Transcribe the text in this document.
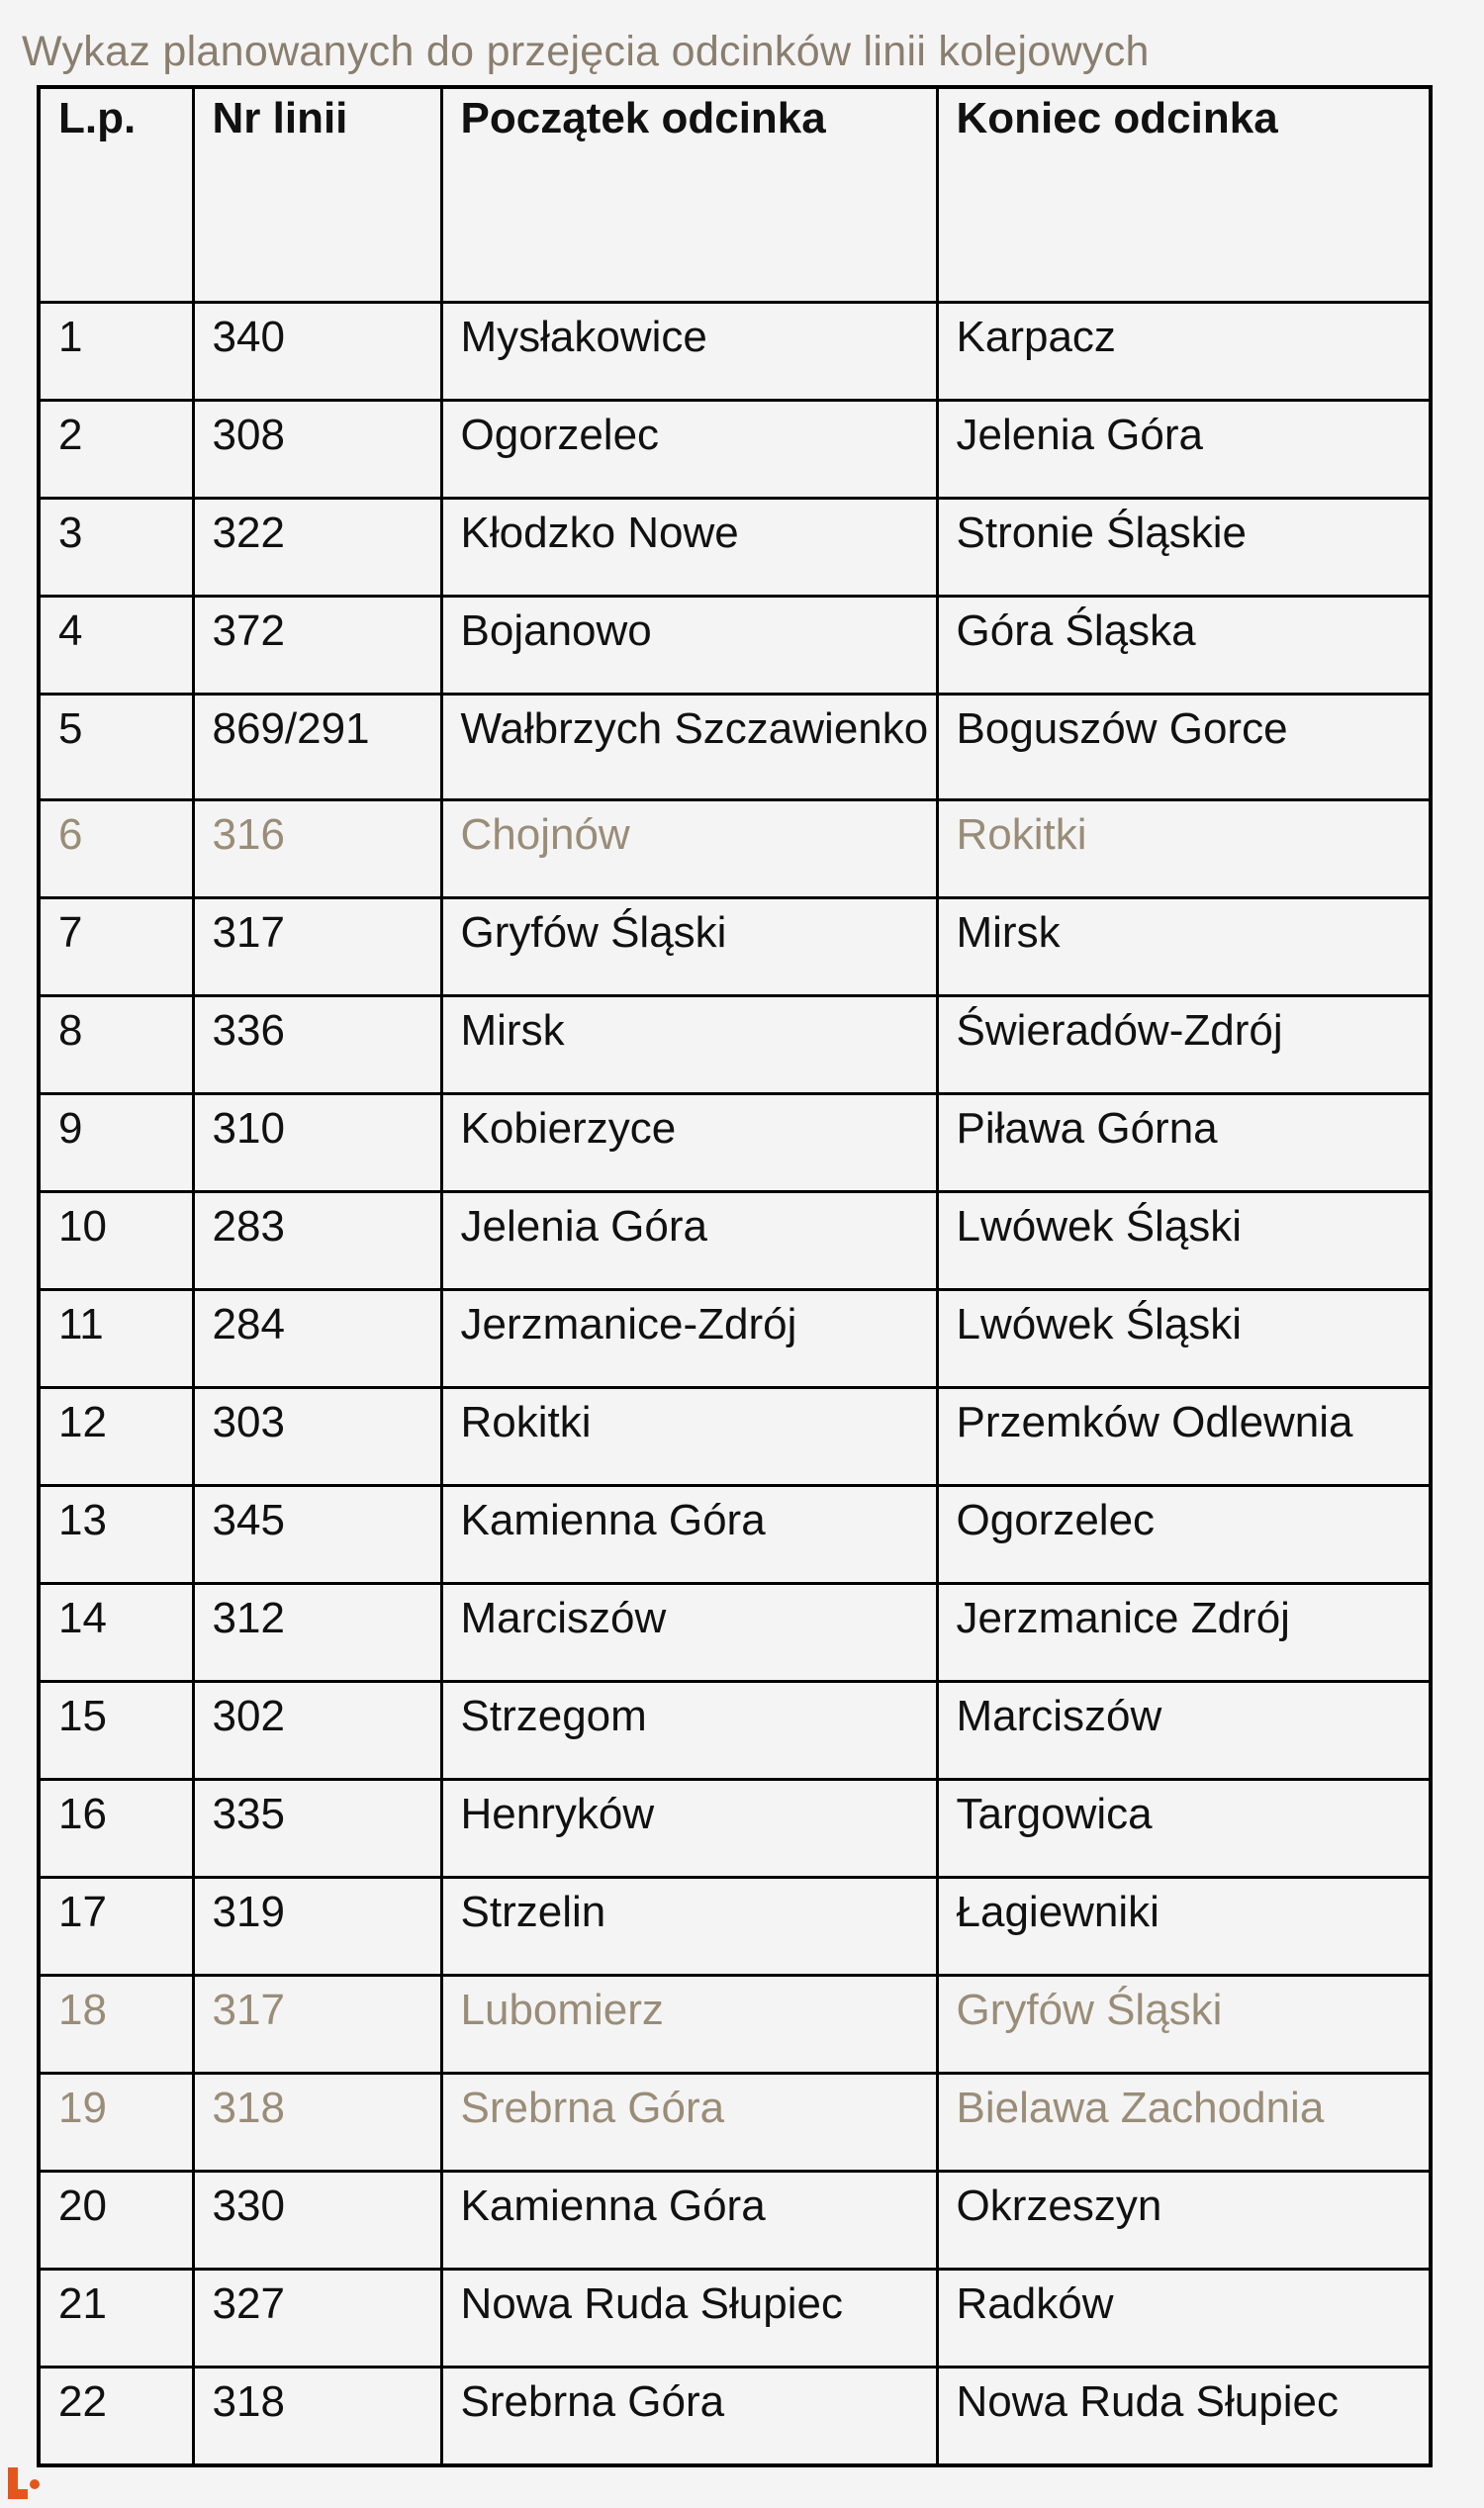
Wykaz planowanych do przejęcia odcinków linii kolejowych
L.p.	Nr linii	Początek odcinka	Koniec odcinka
1	340	Mysłakowice	Karpacz
2	308	Ogorzelec	Jelenia Góra
3	322	Kłodzko Nowe	Stronie Śląskie
4	372	Bojanowo	Góra Śląska
5	869/291	Wałbrzych Szczawienko	Boguszów Gorce
6	316	Chojnów	Rokitki
7	317	Gryfów Śląski	Mirsk
8	336	Mirsk	Świeradów-Zdrój
9	310	Kobierzyce	Piława Górna
10	283	Jelenia Góra	Lwówek Śląski
11	284	Jerzmanice-Zdrój	Lwówek Śląski
12	303	Rokitki	Przemków Odlewnia
13	345	Kamienna Góra	Ogorzelec
14	312	Marciszów	Jerzmanice Zdrój
15	302	Strzegom	Marciszów
16	335	Henryków	Targowica
17	319	Strzelin	Łagiewniki
18	317	Lubomierz	Gryfów Śląski
19	318	Srebrna Góra	Bielawa Zachodnia
20	330	Kamienna Góra	Okrzeszyn
21	327	Nowa Ruda Słupiec	Radków
22	318	Srebrna Góra	Nowa Ruda Słupiec
